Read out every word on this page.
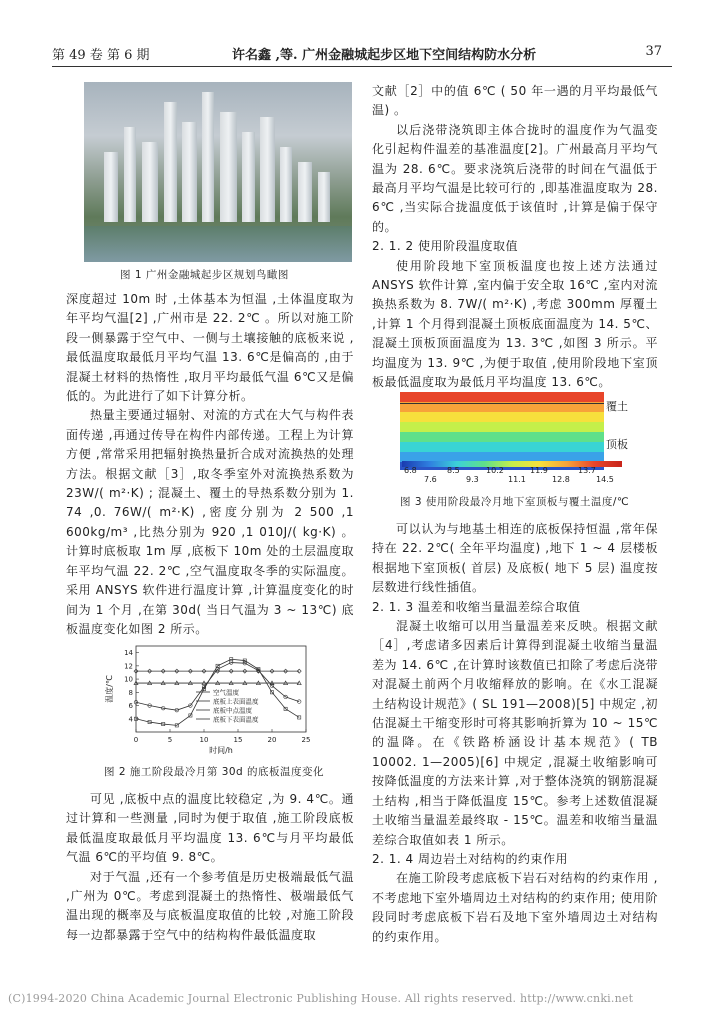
第 49 卷 第 6 期	许名鑫 ,等. 广州金融城起步区地下空间结构防水分析	37
图 1 广州金融城起步区规划鸟瞰图

深度超过 10m 时 ,土体基本为恒温 ,土体温度取为年平均气温[2] ,广州市是 22. 2℃ 。所以对施工阶段一侧暴露于空气中、一侧与土壤接触的底板来说 ,最低温度取最低月平均气温 13. 6℃是偏高的 ,由于混凝土材料的热惰性 ,取月平均最低气温 6℃又是偏低的。为此进行了如下计算分析。

热量主要通过辐射、对流的方式在大气与构件表面传递 ,再通过传导在构件内部传递。工程上为计算方便 ,常常采用把辐射换热量折合成对流换热的处理方法。根据文献［3］,取冬季室外对流换热系数为 23W/( m²·K) ; 混凝土、覆土的导热系数分别为 1. 74 ,0. 76W/( m²·K) ,密度分别为 2 500 ,1 600kg/m³ ,比热分别为 920 ,1 010J/( kg·K) 。计算时底板取 1m 厚 ,底板下 10m 处的土层温度取年平均气温 22. 2℃ ,空气温度取冬季的实际温度。采用 ANSYS 软件进行温度计算 ,计算温度变化的时间为 1 个月 ,在第 30d( 当日气温为 3 ~ 13℃) 底板温度变化如图 2 所示。

0	5	10	15	20	25
4
6
8
10
12
14
时间/h
温度/℃	空气温度
底板上表面温度
底板中点温度
底板下表面温度
图 2 施工阶段最冷月第 30d 的底板温度变化

可见 ,底板中点的温度比较稳定 ,为 9. 4℃。通过计算和一些测量 ,同时为便于取值 ,施工阶段底板最低温度取最低月平均温度 13. 6℃与月平均最低气温 6℃的平均值 9. 8℃。

对于气温 ,还有一个参考值是历史极端最低气温 ,广州为 0℃。考虑到混凝土的热惰性、极端最低气温出现的概率及与底板温度取值的比较 ,对施工阶段每一边都暴露于空气中的结构构件最低温度取

文献［2］中的值 6℃ ( 50 年一遇的月平均最低气温) 。

以后浇带浇筑即主体合拢时的温度作为气温变化引起构件温差的基准温度[2]。广州最高月平均气温为 28. 6℃。要求浇筑后浇带的时间在气温低于最高月平均气温是比较可行的 ,即基准温度取为 28. 6℃ ,当实际合拢温度低于该值时 ,计算是偏于保守的。

2. 1. 2 使用阶段温度取值

使用阶段地下室顶板温度也按上述方法通过 ANSYS 软件计算 ,室内偏于安全取 16℃ ,室内对流换热系数为 8. 7W/( m²·K) ,考虑 300mm 厚覆土 ,计算 1 个月得到混凝土顶板底面温度为 14. 5℃、混凝土顶板顶面温度为 13. 3℃ ,如图 3 所示。平均温度为 13. 9℃ ,为便于取值 ,使用阶段地下室顶板最低温度取为最低月平均温度 13. 6℃。

覆土
顶板
6.8	8.5	10.2	11.9	13.7
7.6	9.3	11.1	12.8	14.5
图 3 使用阶段最冷月地下室顶板与覆土温度/℃

可以认为与地基土相连的底板保持恒温 ,常年保持在 22. 2℃( 全年平均温度) ,地下 1 ~ 4 层楼板根据地下室顶板( 首层) 及底板( 地下 5 层) 温度按层数进行线性插值。

2. 1. 3 温差和收缩当量温差综合取值

混凝土收缩可以用当量温差来反映。根据文献［4］,考虑诸多因素后计算得到混凝土收缩当量温差为 14. 6℃ ,在计算时该数值已扣除了考虑后浇带对混凝土前两个月收缩释放的影响。在《水工混凝土结构设计规范》( SL 191—2008)[5] 中规定 ,初估混凝土干缩变形时可将其影响折算为 10 ~ 15℃的温降。在《铁路桥涵设计基本规范》( TB 10002. 1—2005)[6] 中规定 ,混凝土收缩影响可按降低温度的方法来计算 ,对于整体浇筑的钢筋混凝土结构 ,相当于降低温度 15℃。参考上述数值混凝土收缩当量温差最终取 - 15℃。温差和收缩当量温差综合取值如表 1 所示。

2. 1. 4 周边岩土对结构的约束作用

在施工阶段考虑底板下岩石对结构的约束作用 ,不考虑地下室外墙周边土对结构的约束作用; 使用阶段同时考虑底板下岩石及地下室外墙周边土对结构的约束作用。

(C)1994-2020 China Academic Journal Electronic Publishing House. All rights reserved. http://www.cnki.net
